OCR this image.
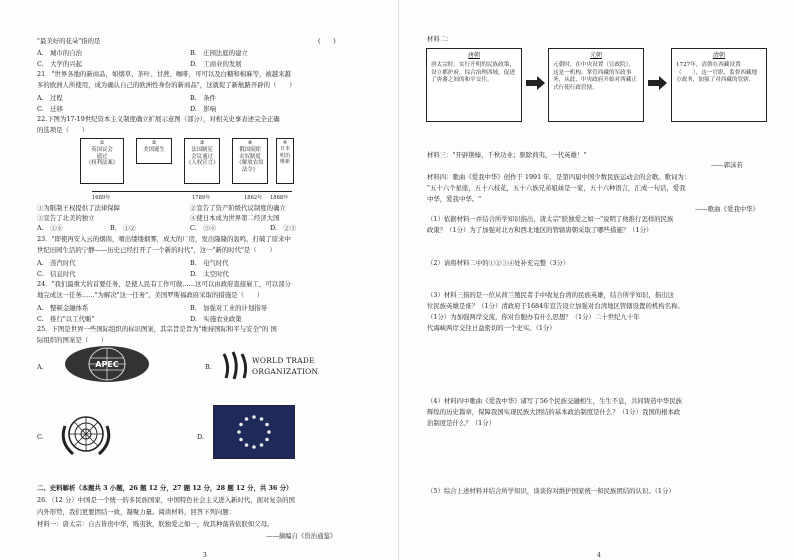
"最美好的花朵"指的是	(　　)
A.　城市的自治	B.　庄园法庭的建立
C.　大学的兴起	D.　工商业的发展
21．"世界各地的新商品，如烟草、茶叶、甘蔗、咖啡，可可以及白糖和棉麻等，被越来越
多的欧洲人所使用，成为确认自己的欧洲性身份的新商品"，这就促了新航路开辟的（　　）
A.　过程	B.　条件
C.　迁移	D.　影响
22.下图为17-19世纪资本主义制度确立扩展示意图（部分），对相关史事表述完全正确
的选项是（　　）
①
英国议会
通过
《权利法案》
②
美国诞生
③
法国制宪
会议通过
《人权宣言》
④
俄国废除
农奴制度
《解放农奴
法令》
④
日本
明治
维新
1689年	1789年	1862年 1868年
①为限制王权提供了法律保障	②宣告了资产阶级代议制度的确立
③宣告了北美的独立	④使日本成为世界第二经济大国
A.　①④	B.　①②	C.　③④	D.　②③
23．"即使再安入云的烟囱，喷出缕缕烟雾，成大的厂房，发出隆隆的轰鸣，打破了原来中
世纪田园生活的宁静——历史已经打开了一个新的时代"，这一"新的时代"是（　　）
A.　蒸汽时代	B.　电气时代
C.　信息时代	D.　太空时代
24．"我们最重大的首要任务，是使人民有工作可做……这可以由政府直接雇工，可以部分
地完成这一任务……"为解决"这一任务"，美国罗斯福政府采取的措施是（　　）
A.　整顿金融体系	B.　加强对工业的计划指导
C.　推行"以工代赈"	D.　实施农业政策
25．下图是世界一些国际组织的标识图案，其宗旨是旨为"维持国际和平与安全"的 国
际组织的图案是（　　）
A.	APEC	B.
WORLD TRADE
ORGANIZATION
C.	D.
二、史料解析（本题共 3 小题，26 题 12 分，27 题 12 分，28 题 12 分，共 36 分）
26．（12 分）中国是一个统一的多民族国家，中国特色社会主义进入新时代，面对复杂的国
内外形势，我们更要团结一致，凝聚力量。阅读材料，回答下列问题：
材料一：唐太宗：自古皆贵中华，贱夷狄，朕独爱之如一，故其种落皆依朕如父母。
——摘编自《资治通鉴》
3
材料二：
唐朝
唐太宗时，实行开明的民族政策，设立都护府，综合治理西域，促进了唐蕃之间的和平交往。
元朝
元朝时，在中央设置（宣政院），这是一机构，掌管西藏的军政事务，从此，中央政府开始对西藏正式行使行政管辖。
清朝
1727年，清朝在西藏设置（　　），这一官职，监督西藏地方政务，加强了对西藏的管辖。
材料三："开辟荆榛，千秋功业；驱除荷夷，一代英雄！"
——郭沫若
材料四：歌曲《爱我中华》创作于 1991 年，是第四届中国少数民族运动会的会歌。歌词为：
"五十六个星座，五十六枝花，五十六族兄弟姐妹是一家，五十六种语言，汇成一句话，爱我
中华，爱我中华。"
——歌曲《爱我中华》
（1）依据材料一并结合所学知识指出，唐太宗"朕独爱之如一"说明了他推行怎样的民族
政策？（1分）为了加强对北方和西北地区的管辖唐朝采取了哪些措施？（1分）
（2）请将材料二中的①②③④处补充完整（3分）
（3）材料三指的是一位从荷兰殖民者手中收复台湾的民族英雄，结合所学知识，指出这
位民族英雄是谁？（1分）清政府于1684年宣告设立加强对台湾地区管辖设置的机构名称。
（1分）为加强两岸交流，你对台胞办有什么思想？（1分）二十世纪九十年
代海峡两岸交往日益密切的一个史实。（1分）
（4）材料四中歌曲《爱我中华》诸写了56个民族交融相生，生生不息，共同铸造中华民族
辉煌的历史篇章，保障我国实现民族大团结的基本政治制度是什么？（1分）我国的根本政
治制度是什么？（1分）
（5）综合上述材料并结合所学知识，谈谈你对维护国家统一和民族团结的认识。（1分）
4
